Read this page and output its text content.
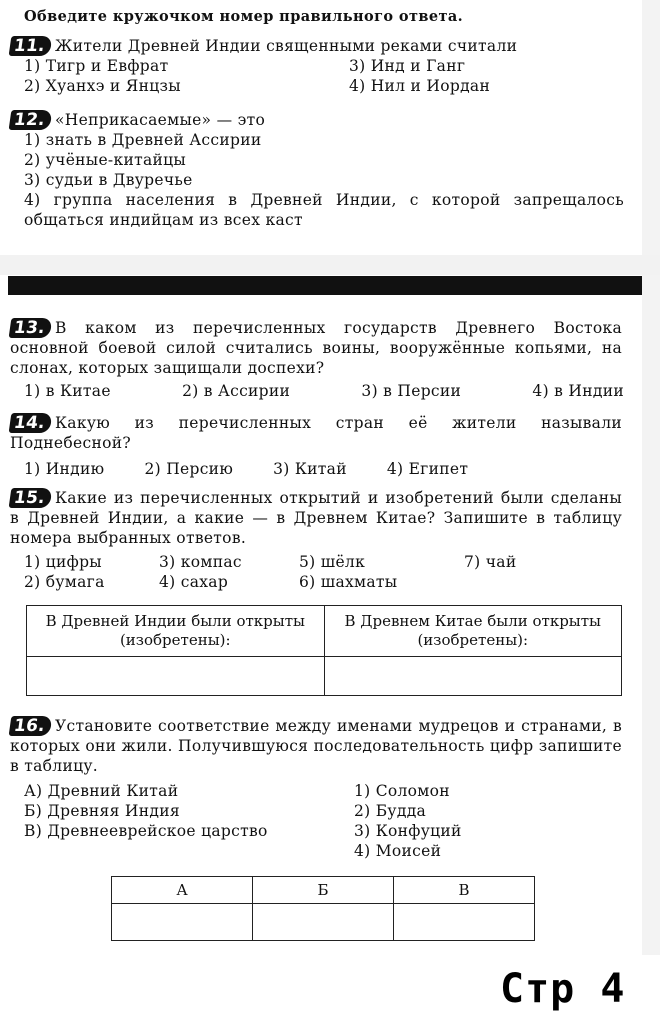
Обведите кружочком номер правильного ответа.
11. Жители Древней Индии священными реками считали
1) Тигр и Евфрат	3) Инд и Ганг
2) Хуанхэ и Янцзы	4) Нил и Иордан
12. «Неприкасаемые» — это
1) знать в Древней Ассирии
2) учёные-китайцы
3) судьи в Двуречье
4) группа населения в Древней Индии, с которой запрещалось общаться индийцам из всех каст
13. В каком из перечисленных государств Древнего Востока основной боевой силой считались воины, вооружённые копьями, на слонах, которых защищали доспехи?
1) в Китае	2) в Ассирии	3) в Персии	4) в Индии
14. Какую из перечисленных стран её жители называли Поднебесной?
1) Индию	2) Персию	3) Китай	4) Египет
15. Какие из перечисленных открытий и изобретений были сделаны в Древней Индии, а какие — в Древнем Китае? Запишите в таблицу номера выбранных ответов.
1) цифры	3) компас	5) шёлк	7) чай
2) бумага	4) сахар	6) шахматы
В Древней Индии были открыты (изобретены):	В Древнем Китае были открыты (изобретены):

16. Установите соответствие между именами мудрецов и странами, в которых они жили. Получившуюся последовательность цифр запишите в таблицу.
А) Древний Китай
Б) Древняя Индия
В) Древнееврейское царство
1) Соломон
2) Будда
3) Конфуций
4) Моисей
А	Б	В

Стр 4
